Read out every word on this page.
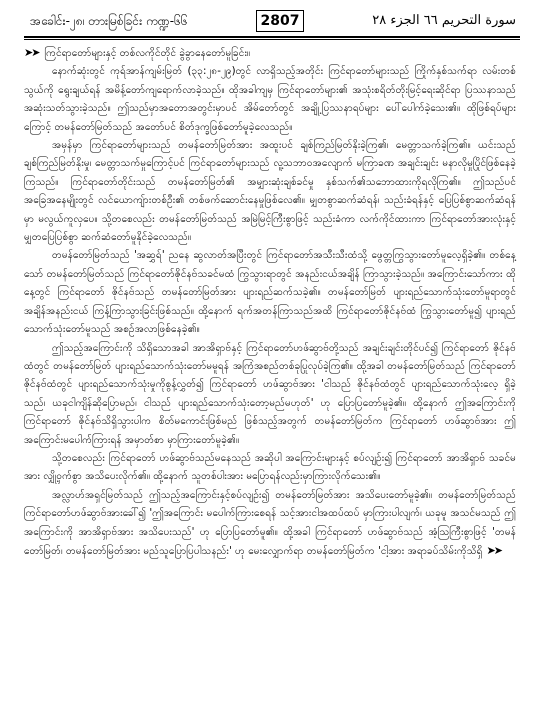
အခေါင်း-၂၈၊ တားမြစ်ခြင်း ကဏ္ဍ-၆၆	2807	سورة التحريم ٦٦ الجزء ٢٨

➤➤ ကြင်ရာတော်များနှင့် တစ်လကိုင်တိုင် ခွဲခွာနေတော်မူခြင်း။

နောက်ဆုံးတွင် ကုရ်အာန်ကျမ်းမြတ် (၃၃:၂၈-၂၉)တွင် လာရှိသည့်အတိုင်း ကြင်ရာတော်များသည် ကြိုက်နှစ်သက်ရာ လမ်းတစ်သွယ်ကို ရွေးချယ်ရန် အမိန့်တော်ကျရောက်လာခဲ့သည်။ ထိုအခါကျမှ ကြင်ရာတော်များ၏ အသုံးစရိတ်တိုးမြင့်ရေးဆိုင်ရာ ပြဿနာသည် အဆုံးသတ်သွားခဲ့သည်။ ဤသည်မှာအတောအတွင်းမှာပင် အိမ်တော်တွင် အချို့ပြဿနာရပ်များ ပေါ်ပေါက်ခဲ့သေး၏။ ထိုဖြစ်ရပ်များကြောင့် တမန်တော်မြတ်သည် အတော်ပင် စိတ်ဒုက္ခဖြစ်တော်မူခဲ့လေသည်။

အမှန်မှာ ကြင်ရာတော်များသည် တမန်တော်မြတ်အား အထူးပင် ချစ်ကြည်မြတ်နိုးခဲ့ကြ၏၊ မေတ္တာသက်ခဲ့ကြ၏။ ယင်းသည် ချစ်ကြည်မြတ်နိုးမှု၊ မေတ္တာသက်မှုကြောင့်ပင် ကြင်ရာတော်များသည် လူ့သဘာဝအလျောက် မကြာခဏ အချင်းချင်း မနာလိုမှုပြိုင်ဖြစ်နေခဲ့ကြသည်။ ကြင်ရာတော်တိုင်းသည် တမန်တော်မြတ်၏ အမျှားဆုံးချစ်ခင်မှု နှစ်သက်၏သဘောထားကိုရလိုကြ၏။ ဤသည်ပင် အခြေအနေမျိုးတွင် လင်ယောကျ်ားတစ်ဦး၏ တစ်ဖက်ဆောင်းနေမှုဖြစ်လေ၏။ မျှတစွာဆက်ဆံရန်၊ သည်းခံရန်နှင့် ပြေပြစ်စွာဆက်ဆံရန်မှာ မလွယ်ကူလှပေ။ သို့တစေလည်း တမန်တော်မြတ်သည် အမြဲမြင့်ကြီးစွာဖြင့် သည်းခံကာ လက်ကိုင်ထားကာ ကြင်ရာတော်အားလုံးနှင့် မျှတပြေပြစ်စွာ ဆက်ဆံတော်မူနိုင်ခဲ့လေသည်။

တမန်တော်မြတ်သည် 'အဆွှရ်' ညနေ ဆွလာတ်အပြီးတွင် ကြင်ရာတော်အသီးသီးထံသို့ ဖွေတ္တကြွသွားတော်မူလေ့ရှိခဲ့၏။ တစ်နေ့သော် တမန်တော်မြတ်သည် ကြင်ရာတော်ဇိုင်နဗ်သခင်မထံ ကြွသွားရာတွင် အနည်းငယ်အချိန် ကြာသွားခဲ့သည်။ အကြောင်းသော်ကား ထိုနေ့တွင် ကြင်ရာတော် ဇိုင်နဗ်သည် တမန်တော်မြတ်အား ပျားရည်ဆက်သခဲ့၏။ တမန်တော်မြတ် ပျားရည်သောက်သုံးတော်မူရာတွင် အချိန်အနည်းငယ် ကြန့်ကြာသွားခြင်းဖြစ်သည်။ ထို့နောက် ရက်အတန်ကြာသည်အထိ ကြင်ရာတော်ဇိုင်နဗ်ထံ ကြွသွားတော်မူ၍ ပျားရည်သောက်သုံးတော်မူသည် အစဉ်အလာဖြစ်နေခဲ့၏။

ဤသည့်အကြောင်းကို သိရှိသောအခါ အာအိရှာဗ်နှင့် ကြင်ရာတော်ဟဖ်ဆွာဗ်တို့သည် အချင်းချင်းတိုင်ပင်၍ ကြင်ရာတော် ဇိုင်နဗ်ထံတွင် တမန်တော်မြတ် ပျားရည်သောက်သုံးတော်မမူရန် အကြံအစည်တစ်ခုပြုလုပ်ခဲ့ကြ၏။ ထို့အခါ တမန်တော်မြတ်သည် ကြင်ရာတော် ဇိုင်နဗ်ထံတွင် ပျားရည်သောက်သုံးမှုကိုစွန့်လွှတ်၍ ကြင်ရာတော် ဟဖ်ဆွာဗ်အား 'ငါသည် ဇိုင်နဗ်ထံတွင် ပျားရည်သောက်သုံးလေ့ ရှိခဲ့သည်၊ ယခုငါကျိန်ဆိုပြောမည်၊ ငါသည် ပျားရည်သောက်သုံးတော့မည်မဟုတ်' ဟု ပြောပြတော်မူခဲ့၏။ ထို့နောက် ဤအကြောင်းကို ကြင်ရာတော် ဇိုင်နဗ်သိရှိသွားပါက စိတ်မကောင်းဖြစ်မည် ဖြစ်သည့်အတွက် တမန်တော်မြတ်က ကြင်ရာတော် ဟဖ်ဆွာဗ်အား ဤအကြောင်းမပေါက်ကြားရန် အမှာတ်စာ မှာကြားတော်မူခဲ့၏။

သို့တစေလည်း ကြင်ရာတော် ဟဖ်ဆွာဗ်သည်မနေသည် အဆိုပါ အကြောင်းများနှင့် စပ်လျဉ်း၍ ကြင်ရာတော် အာအိရှာဗ် သခင်မအား လျှို့ဝှက်စွာ အသိပေးလိုက်၏။ ထို့နောက် သူတစ်ပါးအား မပြောရန်လည်းမှာကြားလိုက်သေး၏။

အလ္လာဟ်အရှင်မြတ်သည် ဤသည့်အကြောင်းနှင့်စပ်လျဉ်း၍ တမန်တော်မြတ်အား အသိပေးတော်မူခဲ့၏။ တမန်တော်မြတ်သည် ကြင်ရာတော်ဟဖ်ဆွာဗ်အားခေါ်၍ 'ဤအကြောင်း မပေါက်ကြားစေရန် သင့်အားငါအထပ်ထပ် မှာကြားပါလျက်၊ ယခုမူ အသင်မသည် ဤအကြောင်းကို အာအိရှာဗ်အား အသိပေးသည်' ဟု ပြောပြတော်မူ၏။ ထို့အခါ ကြင်ရာတော် ဟဖ်ဆွာဗ်သည် အံ့သြကြီးစွာဖြင့် 'တမန်တော်မြတ်၊ တမန်တော်မြတ်အား မည်သူပြောပြပါသနည်း' ဟု မေးလျှောက်ရာ တမန်တော်မြတ်က 'ငါ့အား အရာခပ်သိမ်းကိုသိရှိ ➤➤
